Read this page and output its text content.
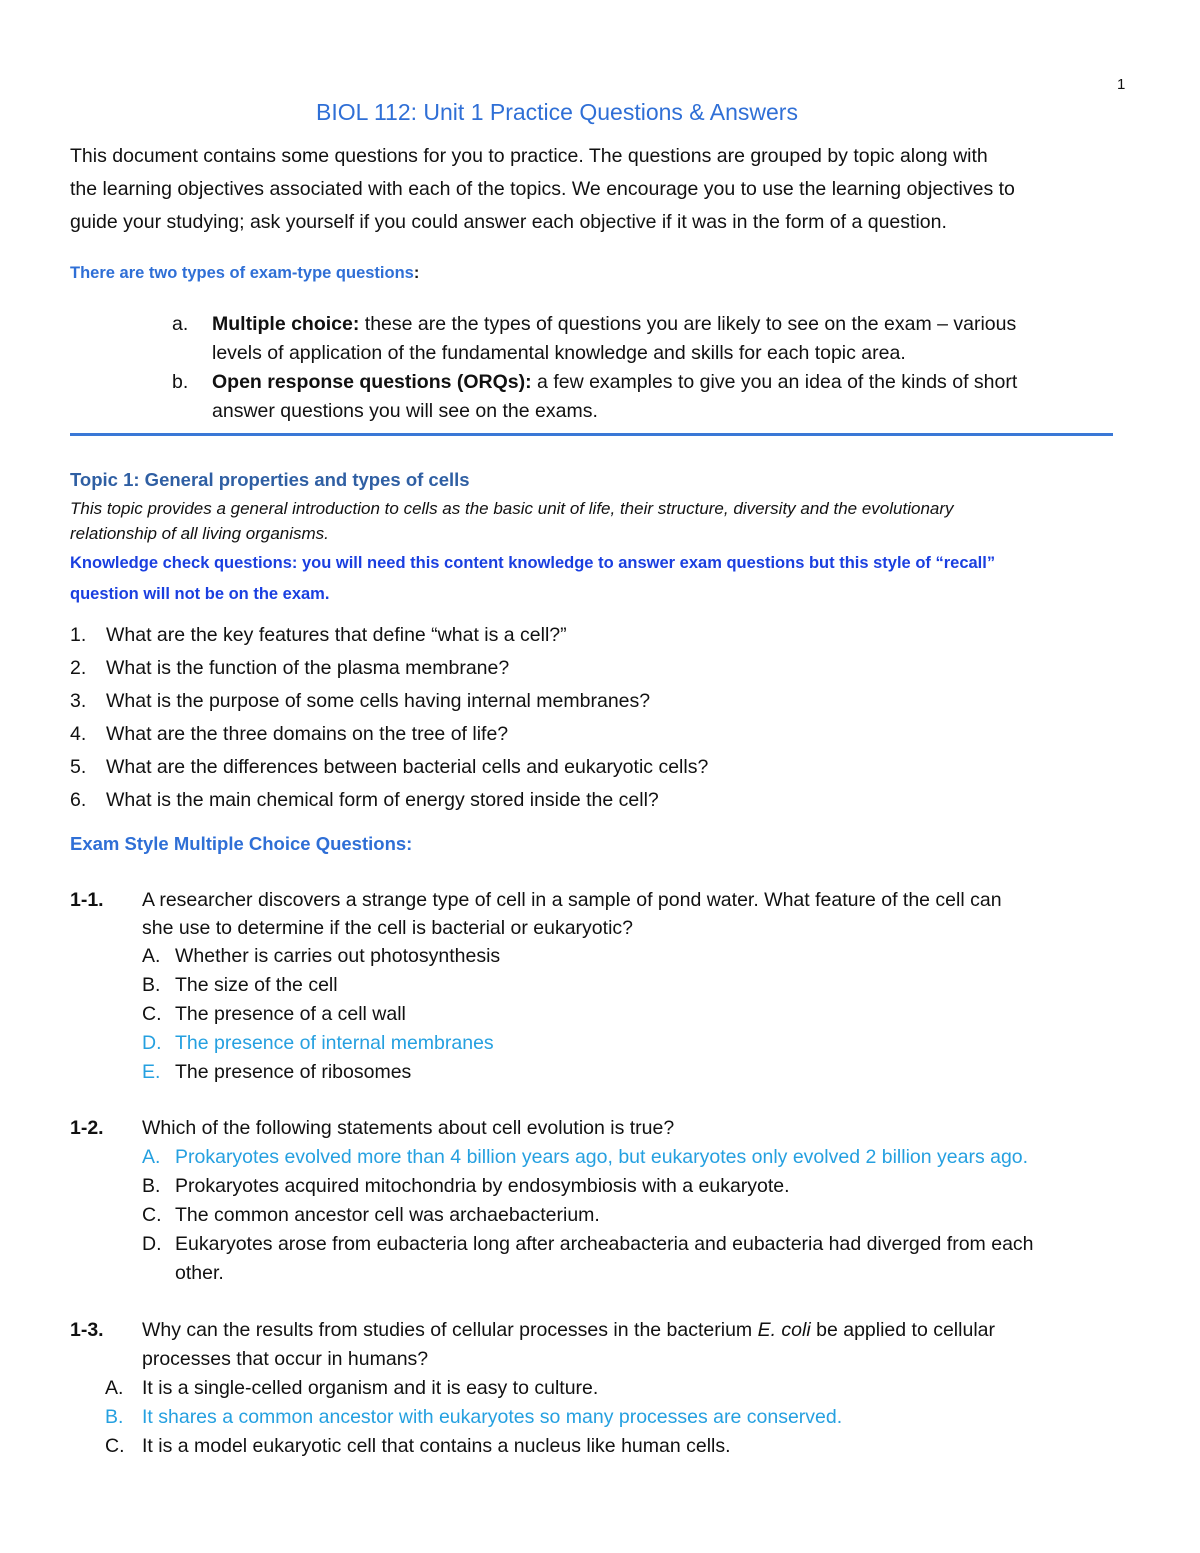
1
BIOL 112: Unit 1 Practice Questions & Answers
This document contains some questions for you to practice. The questions are grouped by topic along with
the learning objectives associated with each of the topics. We encourage you to use the learning objectives to
guide your studying; ask yourself if you could answer each objective if it was in the form of a question.
There are two types of exam-type questions:
a. Multiple choice: these are the types of questions you are likely to see on the exam – various
levels of application of the fundamental knowledge and skills for each topic area.
b. Open response questions (ORQs): a few examples to give you an idea of the kinds of short
answer questions you will see on the exams.
Topic 1: General properties and types of cells
This topic provides a general introduction to cells as the basic unit of life, their structure, diversity and the evolutionary
relationship of all living organisms.
Knowledge check questions: you will need this content knowledge to answer exam questions but this style of “recall”
question will not be on the exam.
1. What are the key features that define “what is a cell?”
2. What is the function of the plasma membrane?
3. What is the purpose of some cells having internal membranes?
4. What are the three domains on the tree of life?
5. What are the differences between bacterial cells and eukaryotic cells?
6. What is the main chemical form of energy stored inside the cell?
Exam Style Multiple Choice Questions:
1-1. A researcher discovers a strange type of cell in a sample of pond water. What feature of the cell can
she use to determine if the cell is bacterial or eukaryotic?
A. Whether is carries out photosynthesis
B. The size of the cell
C. The presence of a cell wall
D. The presence of internal membranes
E. The presence of ribosomes
1-2. Which of the following statements about cell evolution is true?
A. Prokaryotes evolved more than 4 billion years ago, but eukaryotes only evolved 2 billion years ago.
B. Prokaryotes acquired mitochondria by endosymbiosis with a eukaryote.
C. The common ancestor cell was archaebacterium.
D. Eukaryotes arose from eubacteria long after archeabacteria and eubacteria had diverged from each
other.
1-3. Why can the results from studies of cellular processes in the bacterium E. coli be applied to cellular
processes that occur in humans?
A. It is a single-celled organism and it is easy to culture.
B. It shares a common ancestor with eukaryotes so many processes are conserved.
C. It is a model eukaryotic cell that contains a nucleus like human cells.
